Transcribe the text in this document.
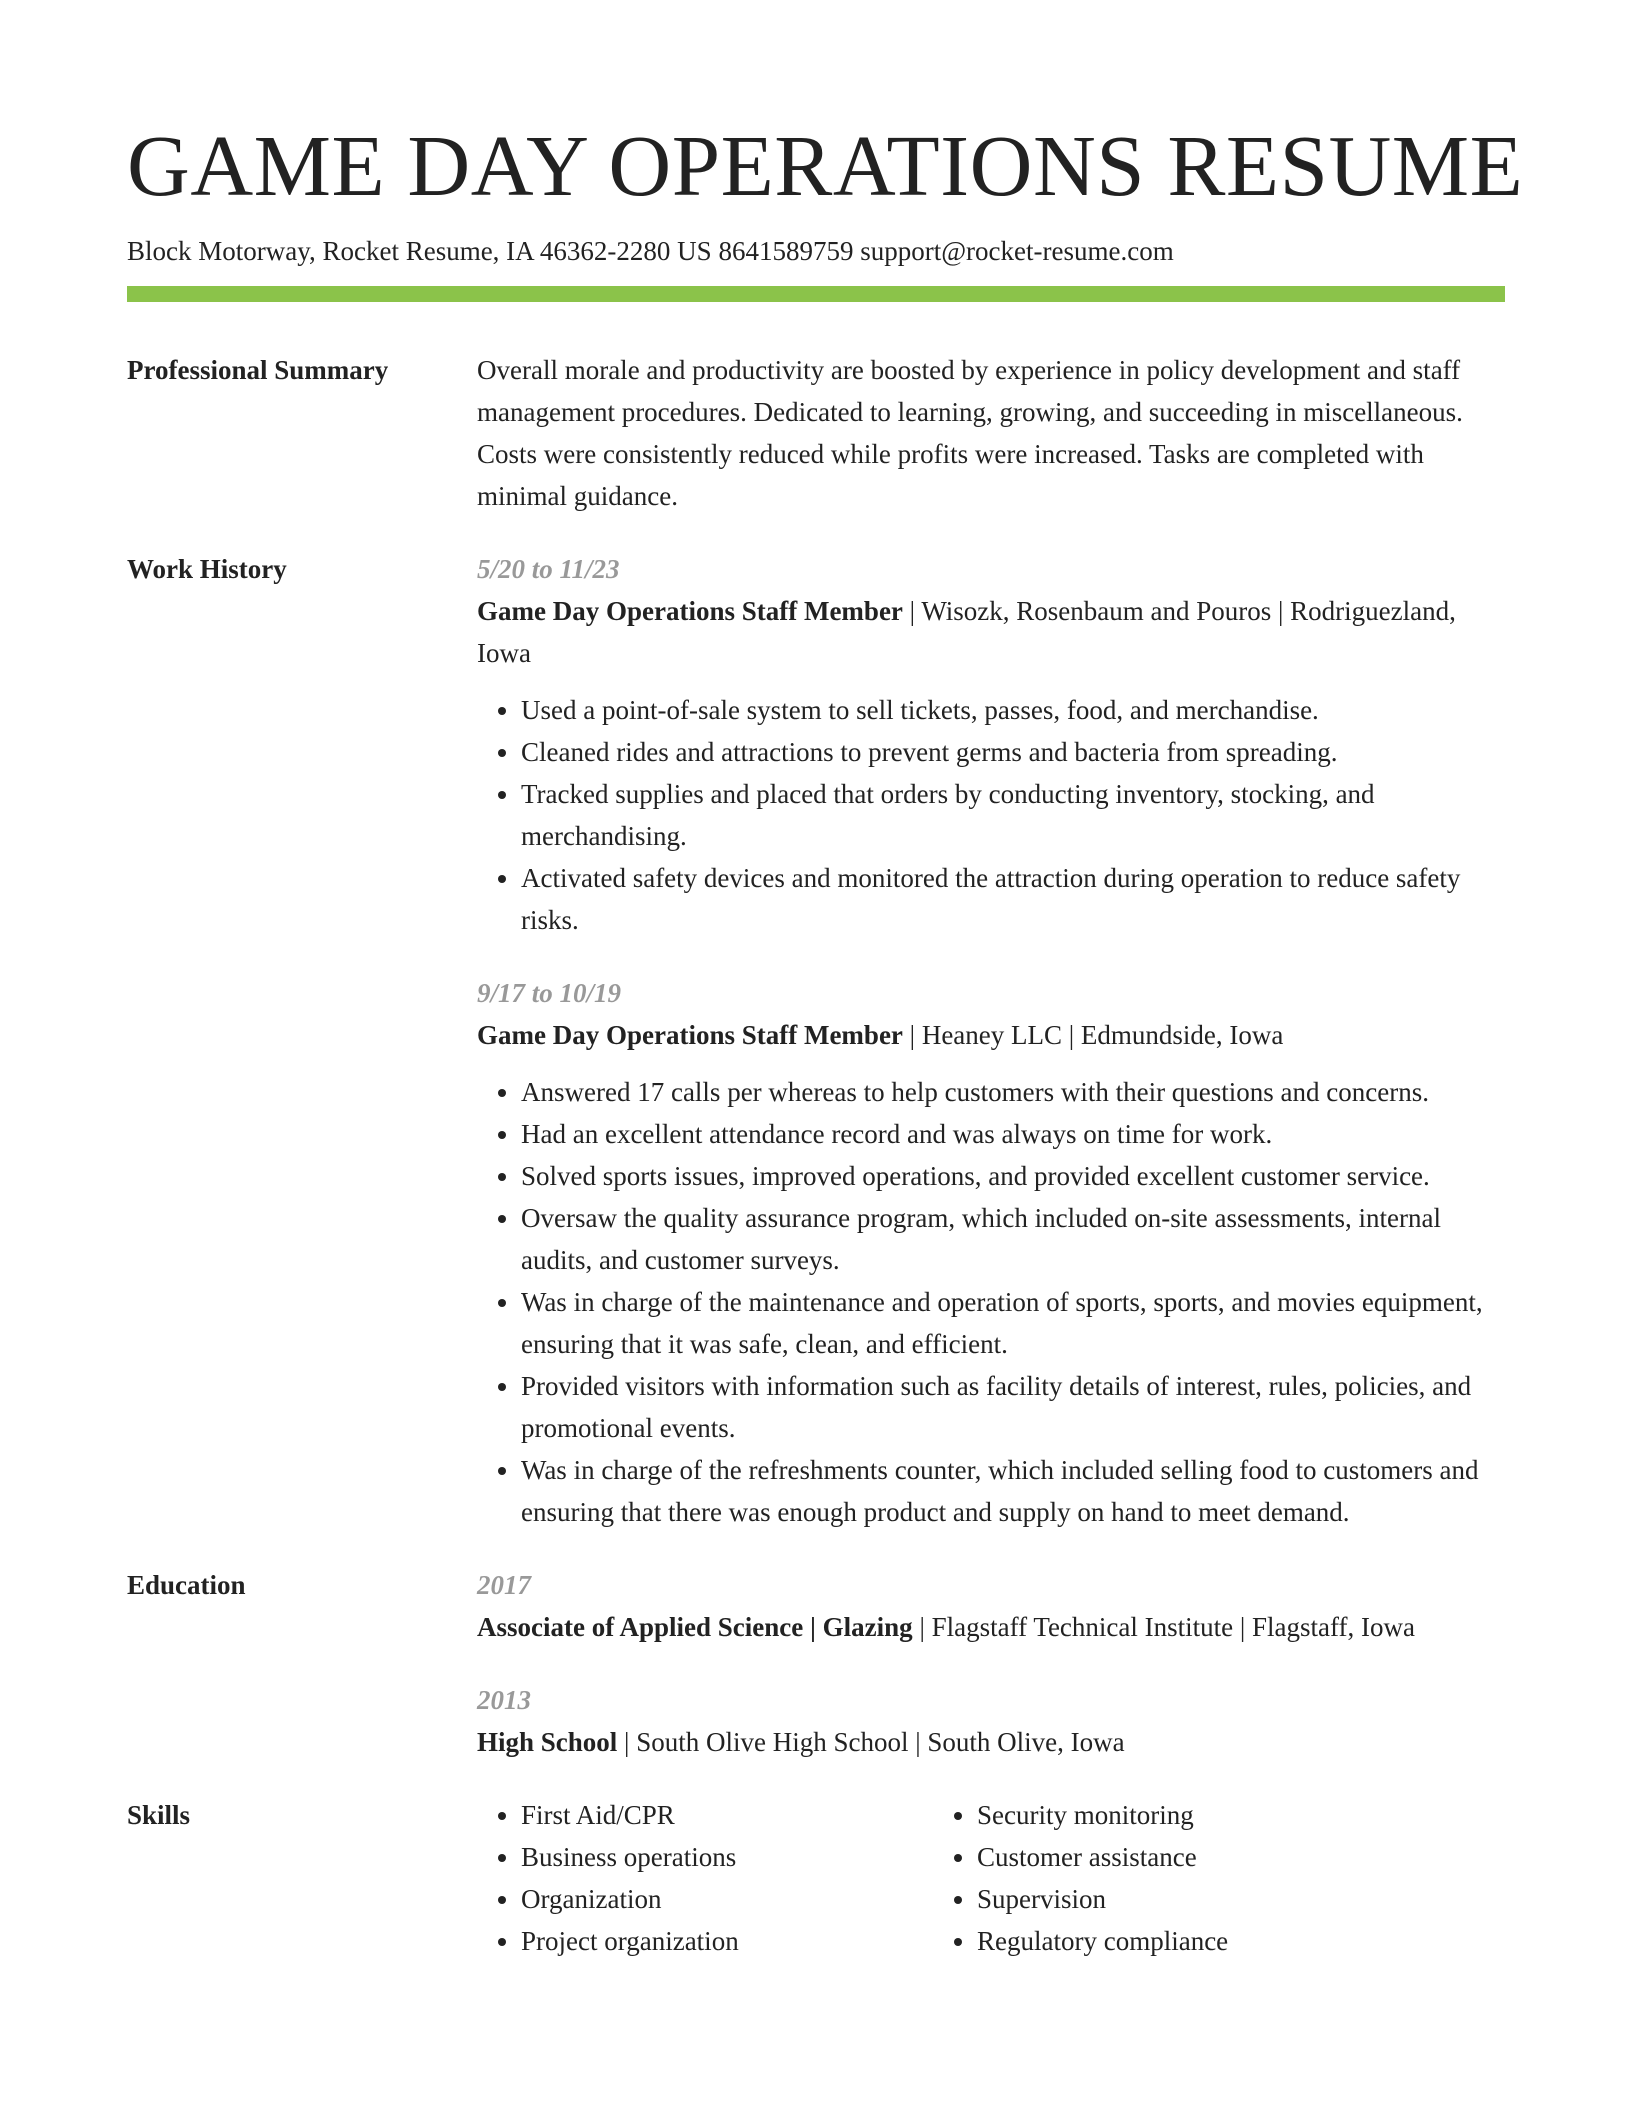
GAME DAY OPERATIONS RESUME
Block Motorway, Rocket Resume, IA 46362-2280 US 8641589759 support@rocket-resume.com
Professional Summary	Overall morale and productivity are boosted by experience in policy development and staff management procedures. Dedicated to learning, growing, and succeeding in miscellaneous. Costs were consistently reduced while profits were increased. Tasks are completed with minimal guidance.
Work History	5/20 to 11/23
Game Day Operations Staff Member | Wisozk, Rosenbaum and Pouros | Rodriguezland, Iowa
• Used a point-of-sale system to sell tickets, passes, food, and merchandise.
• Cleaned rides and attractions to prevent germs and bacteria from spreading.
• Tracked supplies and placed that orders by conducting inventory, stocking, and merchandising.
• Activated safety devices and monitored the attraction during operation to reduce safety risks.
9/17 to 10/19
Game Day Operations Staff Member | Heaney LLC | Edmundside, Iowa
• Answered 17 calls per whereas to help customers with their questions and concerns.
• Had an excellent attendance record and was always on time for work.
• Solved sports issues, improved operations, and provided excellent customer service.
• Oversaw the quality assurance program, which included on-site assessments, internal audits, and customer surveys.
• Was in charge of the maintenance and operation of sports, sports, and movies equipment, ensuring that it was safe, clean, and efficient.
• Provided visitors with information such as facility details of interest, rules, policies, and promotional events.
• Was in charge of the refreshments counter, which included selling food to customers and ensuring that there was enough product and supply on hand to meet demand.
Education	2017
Associate of Applied Science | Glazing | Flagstaff Technical Institute | Flagstaff, Iowa
2013
High School | South Olive High School | South Olive, Iowa
Skills
•	First Aid/CPR
• Business operations
• Organization
• Project organization
• Security monitoring
• Customer assistance
• Supervision
• Regulatory compliance
